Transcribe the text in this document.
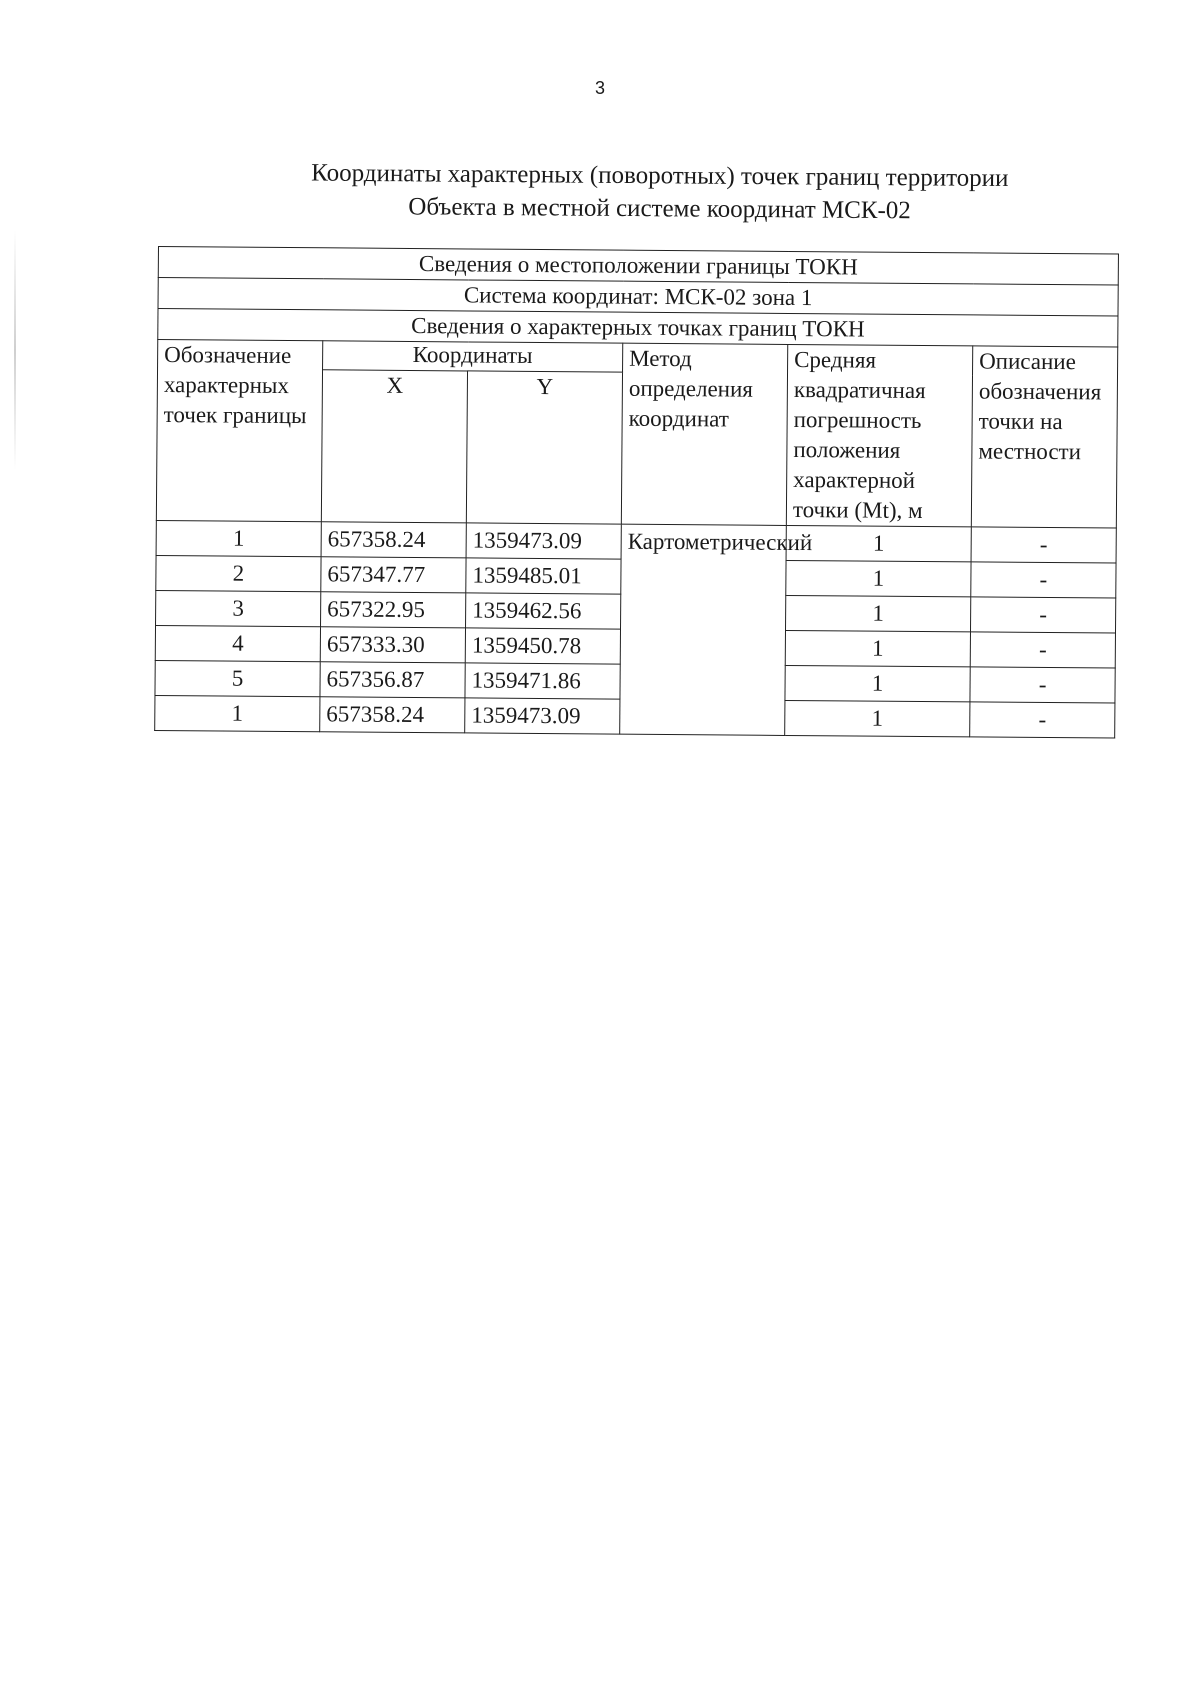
3
Координаты характерных (поворотных) точек границ территории
Объекта в местной системе координат МСК-02
Сведения о местоположении границы ТОКН					
Система координат: МСК-02 зона 1					
Сведения о характерных точках границ ТОКН					
Обозначение характерных точек границы	Координаты		Метод определения координат	Средняя квадратичная погрешность положения характерной точки (Mt), м	Описание обозначения точки на местности
	X	Y			
1	657358.24	1359473.09	Картометрический	1	-
2	657347.77	1359485.01		1	-
3	657322.95	1359462.56		1	-
4	657333.30	1359450.78		1	-
5	657356.87	1359471.86		1	-
1	657358.24	1359473.09		1	-
